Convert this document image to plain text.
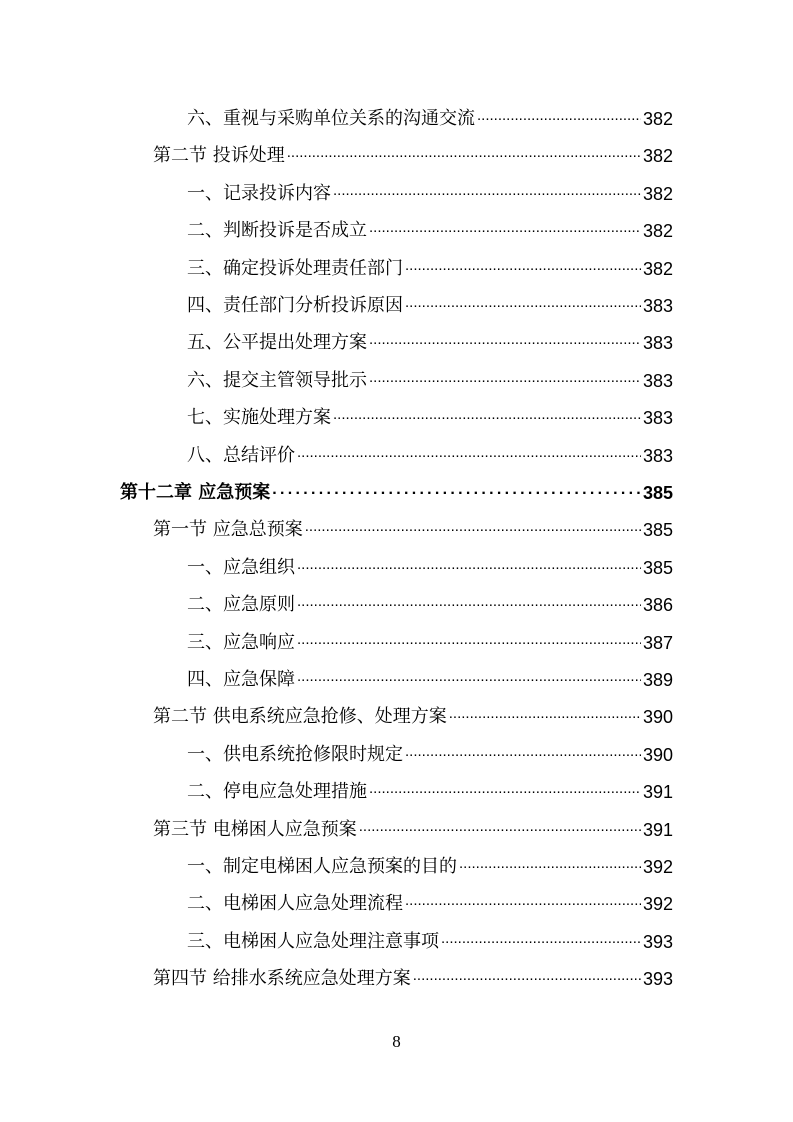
六、重视与采购单位关系的沟通交流 .....	382
第二节 投诉处理 .....	382
一、记录投诉内容 .....	382
二、判断投诉是否成立 .....	382
三、确定投诉处理责任部门 .....	382
四、责任部门分析投诉原因 .....	383
五、公平提出处理方案 .....	383
六、提交主管领导批示 .....	383
七、实施处理方案 .....	383
八、总结评价 .....	383
第十二章 应急预案 .....	385
第一节 应急总预案 .....	385
一、应急组织 .....	385
二、应急原则 .....	386
三、应急响应 .....	387
四、应急保障 .....	389
第二节 供电系统应急抢修、处理方案 .....	390
一、供电系统抢修限时规定 .....	390
二、停电应急处理措施 .....	391
第三节 电梯困人应急预案 .....	391
一、制定电梯困人应急预案的目的 .....	392
二、电梯困人应急处理流程 .....	392
三、电梯困人应急处理注意事项 .....	393
第四节 给排水系统应急处理方案 .....	393
8
